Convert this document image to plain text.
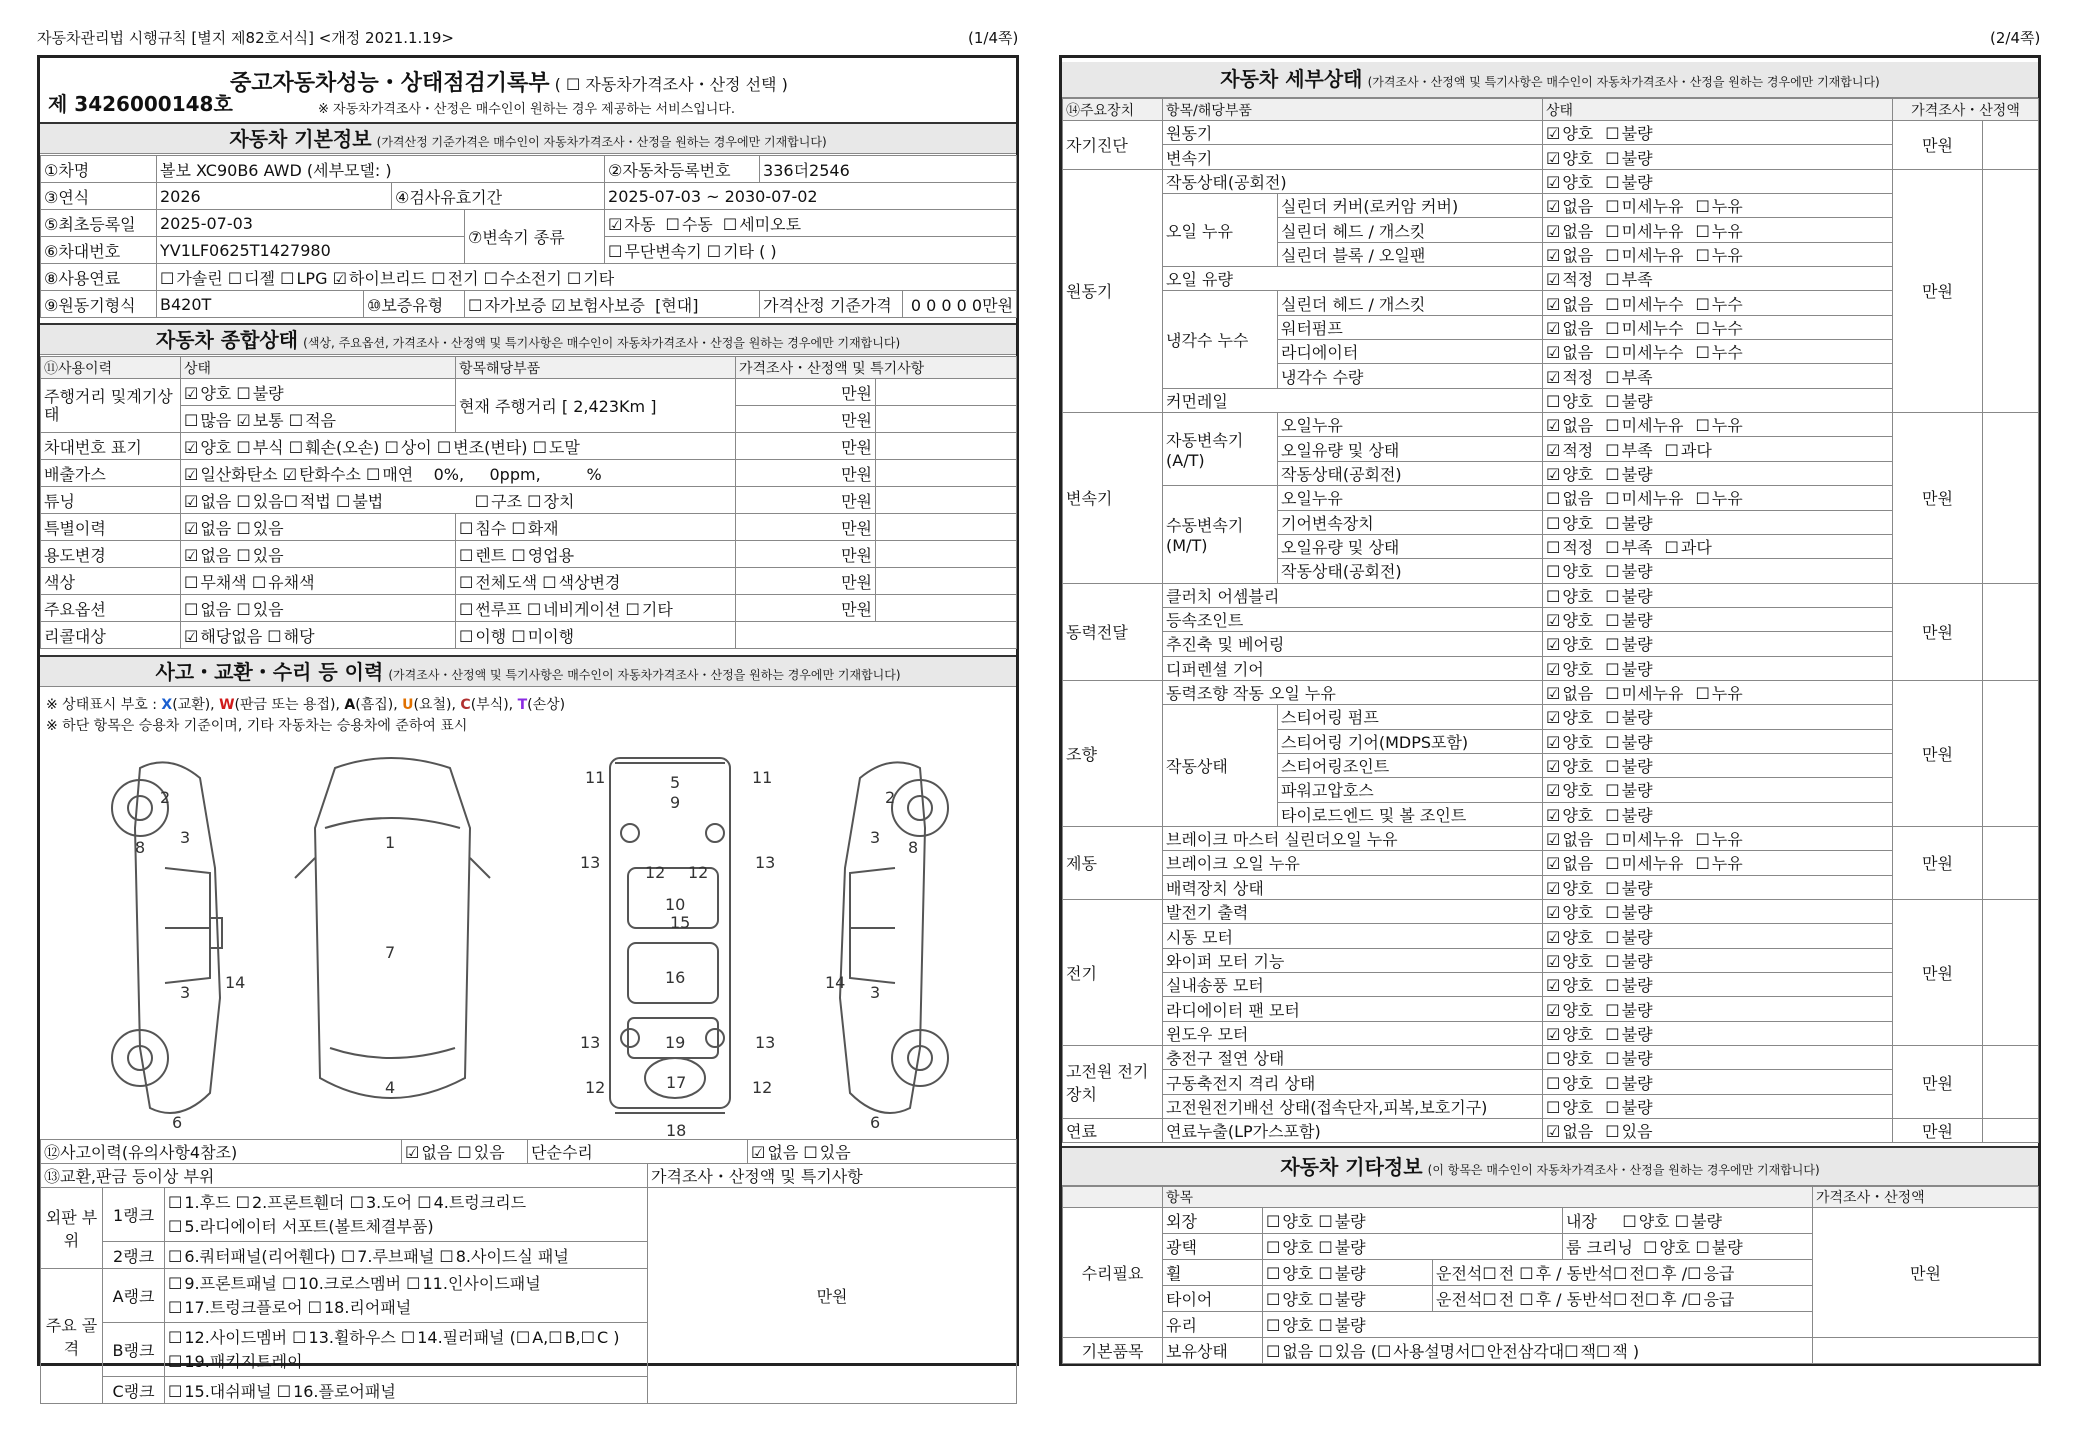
자동차관리법 시행규칙 [별지 제82호서식] <개정 2021.1.19>	(1/4쪽)	(2/4쪽)
제 3426000148호
중고자동차성능・상태점검기록부 ( ☐ 자동차가격조사・산정 선택 )
※ 자동차가격조사・산정은 매수인이 원하는 경우 제공하는 서비스입니다.
자동차 기본정보 (가격산정 기준가격은 매수인이 자동차가격조사・산정을 원하는 경우에만 기재합니다)
①차명	볼보 XC90B6 AWD (세부모델: )				②자동차등록번호	336더2546	
③연식	2026		④검사유효기간		2025-07-03 ~ 2030-07-02		
⑤최초등록일	2025-07-03			⑦변속기 종류	☑ 자동 ☐ 수동 ☐ 세미오토
⑥차대번호	YV1LF0625T1427980				☐ 무단변속기 ☐ 기타 ( )
⑧사용연료	☐ 가솔린 ☐ 디젤 ☐ LPG ☑ 하이브리드 ☐ 전기 ☐ 수소전기 ☐ 기타
⑨원동기형식	B420T	⑩보증유형		☐ 자가보증 ☑ 보험사보증 [현대]		가격산정 기준가격	0 0 0 0 0만원
자동차 종합상태 (색상, 주요옵션, 가격조사・산정액 및 특기사항은 매수인이 자동차가격조사・산정을 원하는 경우에만 기재합니다)
⑪사용이력	상태	항목해당부품	가격조사・산정액 및 특기사항	
주행거리 및계기상태	☑ 양호 ☐ 불량	현재 주행거리 [ 2,423Km ]	만원	
	☐ 많음 ☑ 보통 ☐ 적음		만원	
차대번호 표기	☑ 양호 ☐ 부식 ☐ 훼손(오손) ☐ 상이 ☐ 변조(변타) ☐ 도말		만원	
배출가스	☑ 일산화탄소 ☑ 탄화수소 ☐ 매연 0%, 0ppm, %		만원	
튜닝	☑ 없음 ☐ 있음 ☐ 적법 ☐ 불법 ☐ 구조 ☐ 장치		만원	
특별이력	☑ 없음 ☐ 있음	☐ 침수 ☐ 화재	만원	
용도변경	☑ 없음 ☐ 있음	☐ 렌트 ☐ 영업용	만원	
색상	☐ 무채색 ☐ 유채색	☐ 전체도색 ☐ 색상변경	만원	
주요옵션	☐ 없음 ☐ 있음	☐ 썬루프 ☐ 네비게이션 ☐ 기타	만원	
리콜대상	☑ 해당없음 ☐ 해당	☐ 이행 ☐ 미이행	
사고・교환・수리 등 이력 (가격조사・산정액 및 특기사항은 매수인이 자동차가격조사・산정을 원하는 경우에만 기재합니다)
※ 상태표시 부호 : X(교환), W(판금 또는 용접), A(흠집), U(요철), C(부식), T(손상)
※ 하단 항목은 승용차 기준이며, 기타 자동차는 승용차에 준하여 표시
3
3
8
2
6
14
1
7
4
5
9
11	11
13	13
12 12
10
15
16
19
13	13
12	12
17
18
3
3
8
2
6
14
⑫사고이력(유의사항4참조)			☑ 없음 ☐ 있음	단순수리		☑ 없음 ☐ 있음
⑬교환,판금 등이상 부위					가격조사・산정액 및 특기사항	
외판 부위	1랭크	☐ 1.후드 ☐ 2.프론트휀더 ☐ 3.도어 ☐ 4.트렁크리드
☐ 5.라디에이터 서포트(볼트체결부품)			만원	
	2랭크	☐ 6.쿼터패널(리어휀다) ☐ 7.루브패널 ☐ 8.사이드실 패널
주요 골격	A랭크	☐ 9.프론트패널 ☐ 10.크로스멤버 ☐ 11.인사이드패널
☐ 17.트렁크플로어 ☐ 18.리어패널
	B랭크	☐ 12.사이드멤버 ☐ 13.휠하우스 ☐ 14.필러패널 ( ☐ A, ☐ B, ☐ C )
☐ 19.패키지트레이
	C랭크	☐ 15.대쉬패널 ☐ 16.플로어패널
자동차 세부상태 (가격조사・산정액 및 특기사항은 매수인이 자동차가격조사・산정을 원하는 경우에만 기재합니다)
⑭주요장치	항목/해당부품		상태	가격조사・산정액	
자기진단	원동기		☑ 양호 ☐ 불량	만원	
	변속기		☑ 양호 ☐ 불량
원동기	작동상태(공회전)		☑ 양호 ☐ 불량	만원	
	오일 누유	실린더 커버(로커암 커버)	☑ 없음 ☐ 미세누유 ☐ 누유
		실린더 헤드 / 개스킷	☑ 없음 ☐ 미세누유 ☐ 누유
		실린더 블록 / 오일팬	☑ 없음 ☐ 미세누유 ☐ 누유
	오일 유량		☑ 적정 ☐ 부족
	냉각수 누수	실린더 헤드 / 개스킷	☑ 없음 ☐ 미세누수 ☐ 누수
		워터펌프	☑ 없음 ☐ 미세누수 ☐ 누수
		라디에이터	☑ 없음 ☐ 미세누수 ☐ 누수
		냉각수 수량	☑ 적정 ☐ 부족
	커먼레일		☐ 양호 ☐ 불량
변속기	자동변속기 (A/T)	오일누유	☑ 없음 ☐ 미세누유 ☐ 누유	만원	
		오일유량 및 상태	☑ 적정 ☐ 부족 ☐ 과다
		작동상태(공회전)	☑ 양호 ☐ 불량
	수동변속기 (M/T)	오일누유	☐ 없음 ☐ 미세누유 ☐ 누유
		기어변속장치	☐ 양호 ☐ 불량
		오일유량 및 상태	☐ 적정 ☐ 부족 ☐ 과다
		작동상태(공회전)	☐ 양호 ☐ 불량
동력전달	클러치 어셈블리		☐ 양호 ☐ 불량	만원	
	등속조인트		☑ 양호 ☐ 불량
	추진축 및 베어링		☑ 양호 ☐ 불량
	디퍼렌셜 기어		☑ 양호 ☐ 불량
조향	동력조향 작동 오일 누유		☑ 없음 ☐ 미세누유 ☐ 누유	만원	
	작동상태	스티어링 펌프	☑ 양호 ☐ 불량
		스티어링 기어(MDPS포함)	☑ 양호 ☐ 불량
		스티어링조인트	☑ 양호 ☐ 불량
		파워고압호스	☑ 양호 ☐ 불량
		타이로드엔드 및 볼 조인트	☑ 양호 ☐ 불량
제동	브레이크 마스터 실린더오일 누유		☑ 없음 ☐ 미세누유 ☐ 누유	만원	
	브레이크 오일 누유		☑ 없음 ☐ 미세누유 ☐ 누유
	배력장치 상태		☑ 양호 ☐ 불량
전기	발전기 출력		☑ 양호 ☐ 불량	만원	
	시동 모터		☑ 양호 ☐ 불량
	와이퍼 모터 기능		☑ 양호 ☐ 불량
	실내송풍 모터		☑ 양호 ☐ 불량
	라디에이터 팬 모터		☑ 양호 ☐ 불량
	윈도우 모터		☑ 양호 ☐ 불량
고전원 전기장치	충전구 절연 상태		☐ 양호 ☐ 불량	만원	
	구동축전지 격리 상태		☐ 양호 ☐ 불량
	고전원전기배선 상태(접속단자,피복,보호기구)		☐ 양호 ☐ 불량
연료	연료누출(LP가스포함)		☑ 없음 ☐ 있음	만원	
자동차 기타정보 (이 항목은 매수인이 자동차가격조사・산정을 원하는 경우에만 기재합니다)
	항목				가격조사・산정액
수리필요	외장	☐ 양호 ☐ 불량		내장 ☐ 양호 ☐ 불량	만원
	광택	☐ 양호 ☐ 불량		룸 크리닝 ☐ 양호 ☐ 불량
	휠	☐ 양호 ☐ 불량	운전석 ☐ 전 ☐ 후 / 동반석 ☐ 전 ☐ 후 / ☐ 응급
	타이어	☐ 양호 ☐ 불량	운전석 ☐ 전 ☐ 후 / 동반석 ☐ 전 ☐ 후 / ☐ 응급
	유리	☐ 양호 ☐ 불량
기본품목	보유상태	☐ 없음 ☐ 있음 ( ☐ 사용설명서 ☐ 안전삼각대 ☐ 잭 ☐ 잭 )	
